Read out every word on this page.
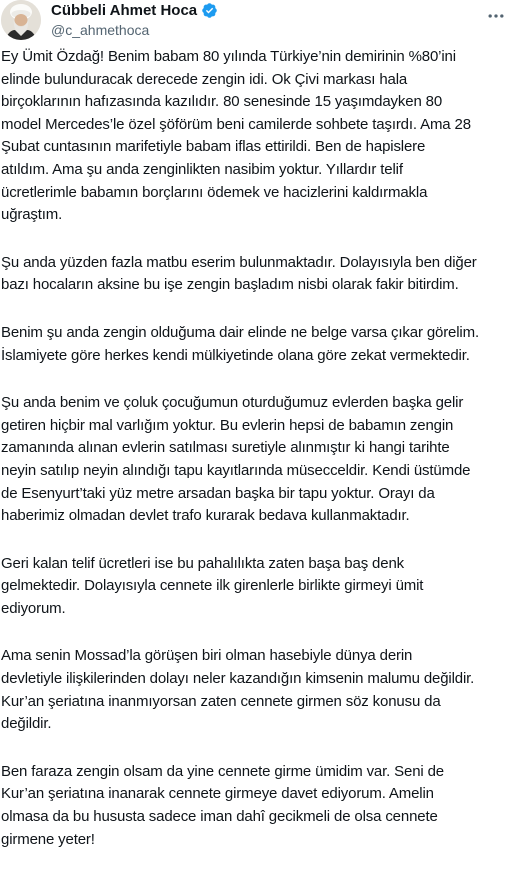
Cübbeli Ahmet Hoca
@c_ahmethoca

Ey Ümit Özdağ! Benim babam 80 yılında Türkiye’nin demirinin %80’ini
elinde bulunduracak derecede zengin idi. Ok Çivi markası hala
birçoklarının hafızasında kazılıdır. 80 senesinde 15 yaşımdayken 80
model Mercedes’le özel şöförüm beni camilerde sohbete taşırdı. Ama 28
Şubat cuntasının marifetiyle babam iflas ettirildi. Ben de hapislere
atıldım. Ama şu anda zenginlikten nasibim yoktur. Yıllardır telif
ücretlerimle babamın borçlarını ödemek ve hacizlerini kaldırmakla
uğraştım.

Şu anda yüzden fazla matbu eserim bulunmaktadır. Dolayısıyla ben diğer
bazı hocaların aksine bu işe zengin başladım nisbi olarak fakir bitirdim.

Benim şu anda zengin olduğuma dair elinde ne belge varsa çıkar görelim.
İslamiyete göre herkes kendi mülkiyetinde olana göre zekat vermektedir.

Şu anda benim ve çoluk çocuğumun oturduğumuz evlerden başka gelir
getiren hiçbir mal varlığım yoktur. Bu evlerin hepsi de babamın zengin
zamanında alınan evlerin satılması suretiyle alınmıştır ki hangi tarihte
neyin satılıp neyin alındığı tapu kayıtlarında müsecceldir. Kendi üstümde
de Esenyurt’taki yüz metre arsadan başka bir tapu yoktur. Orayı da
haberimiz olmadan devlet trafo kurarak bedava kullanmaktadır.

Geri kalan telif ücretleri ise bu pahalılıkta zaten başa baş denk
gelmektedir. Dolayısıyla cennete ilk girenlerle birlikte girmeyi ümit
ediyorum.

Ama senin Mossad’la görüşen biri olman hasebiyle dünya derin
devletiyle ilişkilerinden dolayı neler kazandığın kimsenin malumu değildir.
Kur’an şeriatına inanmıyorsan zaten cennete girmen söz konusu da
değildir.

Ben faraza zengin olsam da yine cennete girme ümidim var. Seni de
Kur’an şeriatına inanarak cennete girmeye davet ediyorum. Amelin
olmasa da bu hususta sadece iman dahî gecikmeli de olsa cennete
girmene yeter!
